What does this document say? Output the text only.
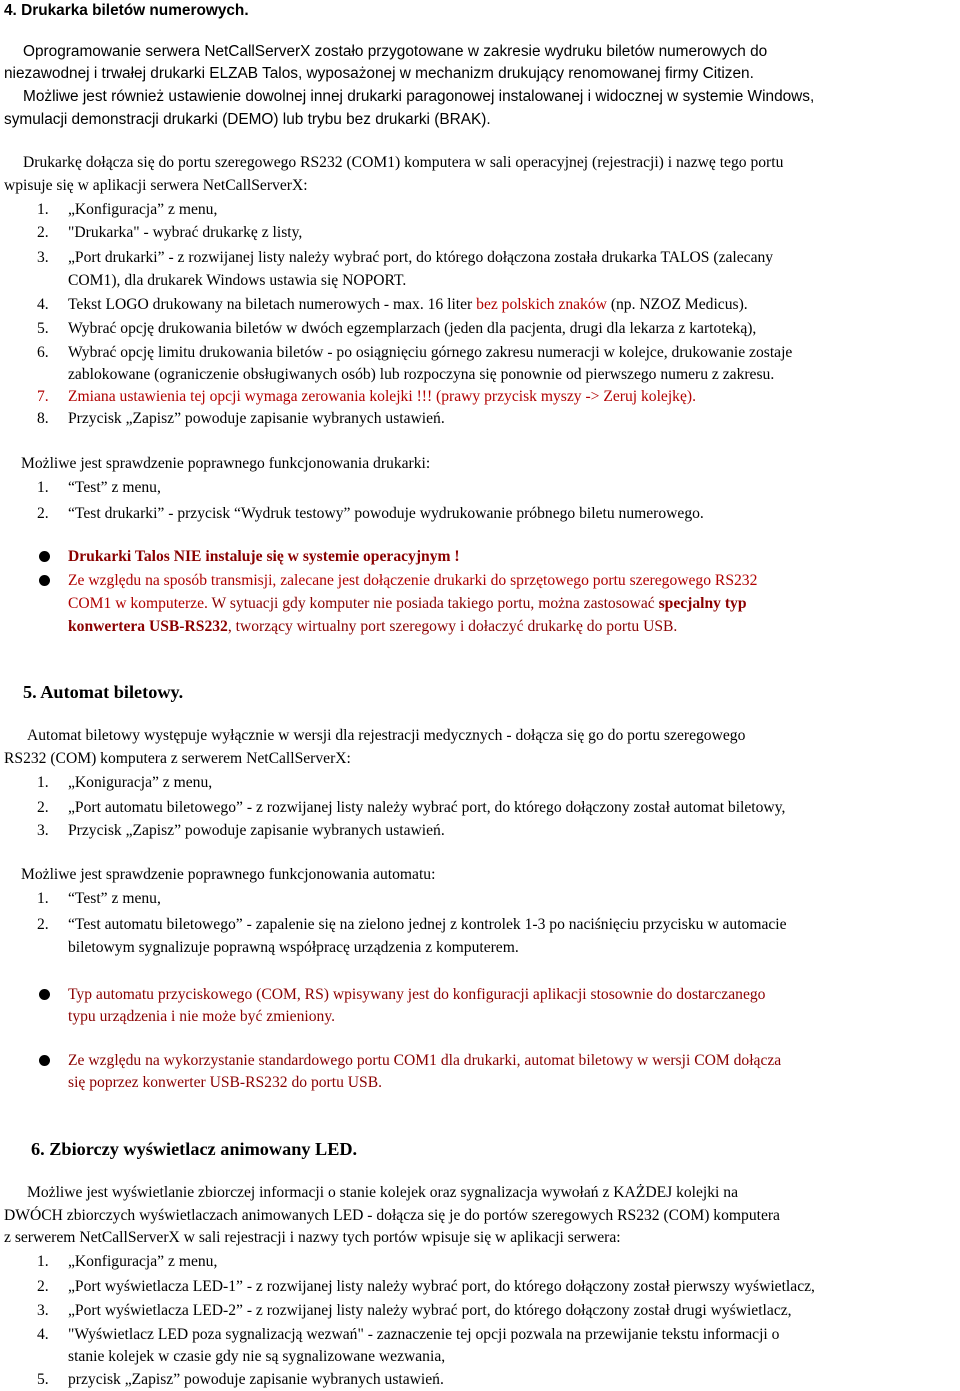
4. Drukarka biletów numerowych.
Oprogramowanie serwera NetCallServerX zostało przygotowane w zakresie wydruku biletów numerowych do
niezawodnej i trwałej drukarki ELZAB Talos, wyposażonej w mechanizm drukujący renomowanej firmy Citizen.
Możliwe jest również ustawienie dowolnej innej drukarki paragonowej instalowanej i widocznej w systemie Windows,
symulacji demonstracji drukarki (DEMO) lub trybu bez drukarki (BRAK).
Drukarkę dołącza się do portu szeregowego RS232 (COM1) komputera w sali operacyjnej (rejestracji) i nazwę tego portu
wpisuje się w aplikacji serwera NetCallServerX:
1. „Konfiguracja” z menu,
2. "Drukarka" - wybrać drukarkę z listy,
3. „Port drukarki” - z rozwijanej listy należy wybrać port, do którego dołączona została drukarka TALOS (zalecany
COM1), dla drukarek Windows ustawia się NOPORT.
4. Tekst LOGO drukowany na biletach numerowych - max. 16 liter bez polskich znaków (np. NZOZ Medicus).
5. Wybrać opcję drukowania biletów w dwóch egzemplarzach (jeden dla pacjenta, drugi dla lekarza z kartoteką),
6. Wybrać opcję limitu drukowania biletów - po osiągnięciu górnego zakresu numeracji w kolejce, drukowanie zostaje
zablokowane (ograniczenie obsługiwanych osób) lub rozpoczyna się ponownie od pierwszego numeru z zakresu.
7. Zmiana ustawienia tej opcji wymaga zerowania kolejki !!! (prawy przycisk myszy -> Zeruj kolejkę).
8. Przycisk „Zapisz” powoduje zapisanie wybranych ustawień.
Możliwe jest sprawdzenie poprawnego funkcjonowania drukarki:
1. “Test” z menu,
2. “Test drukarki” - przycisk “Wydruk testowy” powoduje wydrukowanie próbnego biletu numerowego.
Drukarki Talos NIE instaluje się w systemie operacyjnym !
Ze względu na sposób transmisji, zalecane jest dołączenie drukarki do sprzętowego portu szeregowego RS232
COM1 w komputerze. W sytuacji gdy komputer nie posiada takiego portu, można zastosować specjalny typ
konwertera USB-RS232, tworzący wirtualny port szeregowy i dołaczyć drukarkę do portu USB.
5. Automat biletowy.
Automat biletowy występuje wyłącznie w wersji dla rejestracji medycznych - dołącza się go do portu szeregowego
RS232 (COM) komputera z serwerem NetCallServerX:
1. „Koniguracja” z menu,
2. „Port automatu biletowego” - z rozwijanej listy należy wybrać port, do którego dołączony został automat biletowy,
3. Przycisk „Zapisz” powoduje zapisanie wybranych ustawień.
Możliwe jest sprawdzenie poprawnego funkcjonowania automatu:
1. “Test” z menu,
2. “Test automatu biletowego” - zapalenie się na zielono jednej z kontrolek 1-3 po naciśnięciu przycisku w automacie
biletowym sygnalizuje poprawną współpracę urządzenia z komputerem.
Typ automatu przyciskowego (COM, RS) wpisywany jest do konfiguracji aplikacji stosownie do dostarczanego
typu urządzenia i nie może być zmieniony.
Ze względu na wykorzystanie standardowego portu COM1 dla drukarki, automat biletowy w wersji COM dołącza
się poprzez konwerter USB-RS232 do portu USB.
6. Zbiorczy wyświetlacz animowany LED.
Możliwe jest wyświetlanie zbiorczej informacji o stanie kolejek oraz sygnalizacja wywołań z KAŻDEJ kolejki na
DWÓCH zbiorczych wyświetlaczach animowanych LED - dołącza się je do portów szeregowych RS232 (COM) komputera
z serwerem NetCallServerX w sali rejestracji i nazwy tych portów wpisuje się w aplikacji serwera:
1. „Konfiguracja” z menu,
2. „Port wyświetlacza LED-1” - z rozwijanej listy należy wybrać port, do którego dołączony został pierwszy wyświetlacz,
3. „Port wyświetlacza LED-2” - z rozwijanej listy należy wybrać port, do którego dołączony został drugi wyświetlacz,
4. "Wyświetlacz LED poza sygnalizacją wezwań" - zaznaczenie tej opcji pozwala na przewijanie tekstu informacji o
stanie kolejek w czasie gdy nie są sygnalizowane wezwania,
5. przycisk „Zapisz” powoduje zapisanie wybranych ustawień.
